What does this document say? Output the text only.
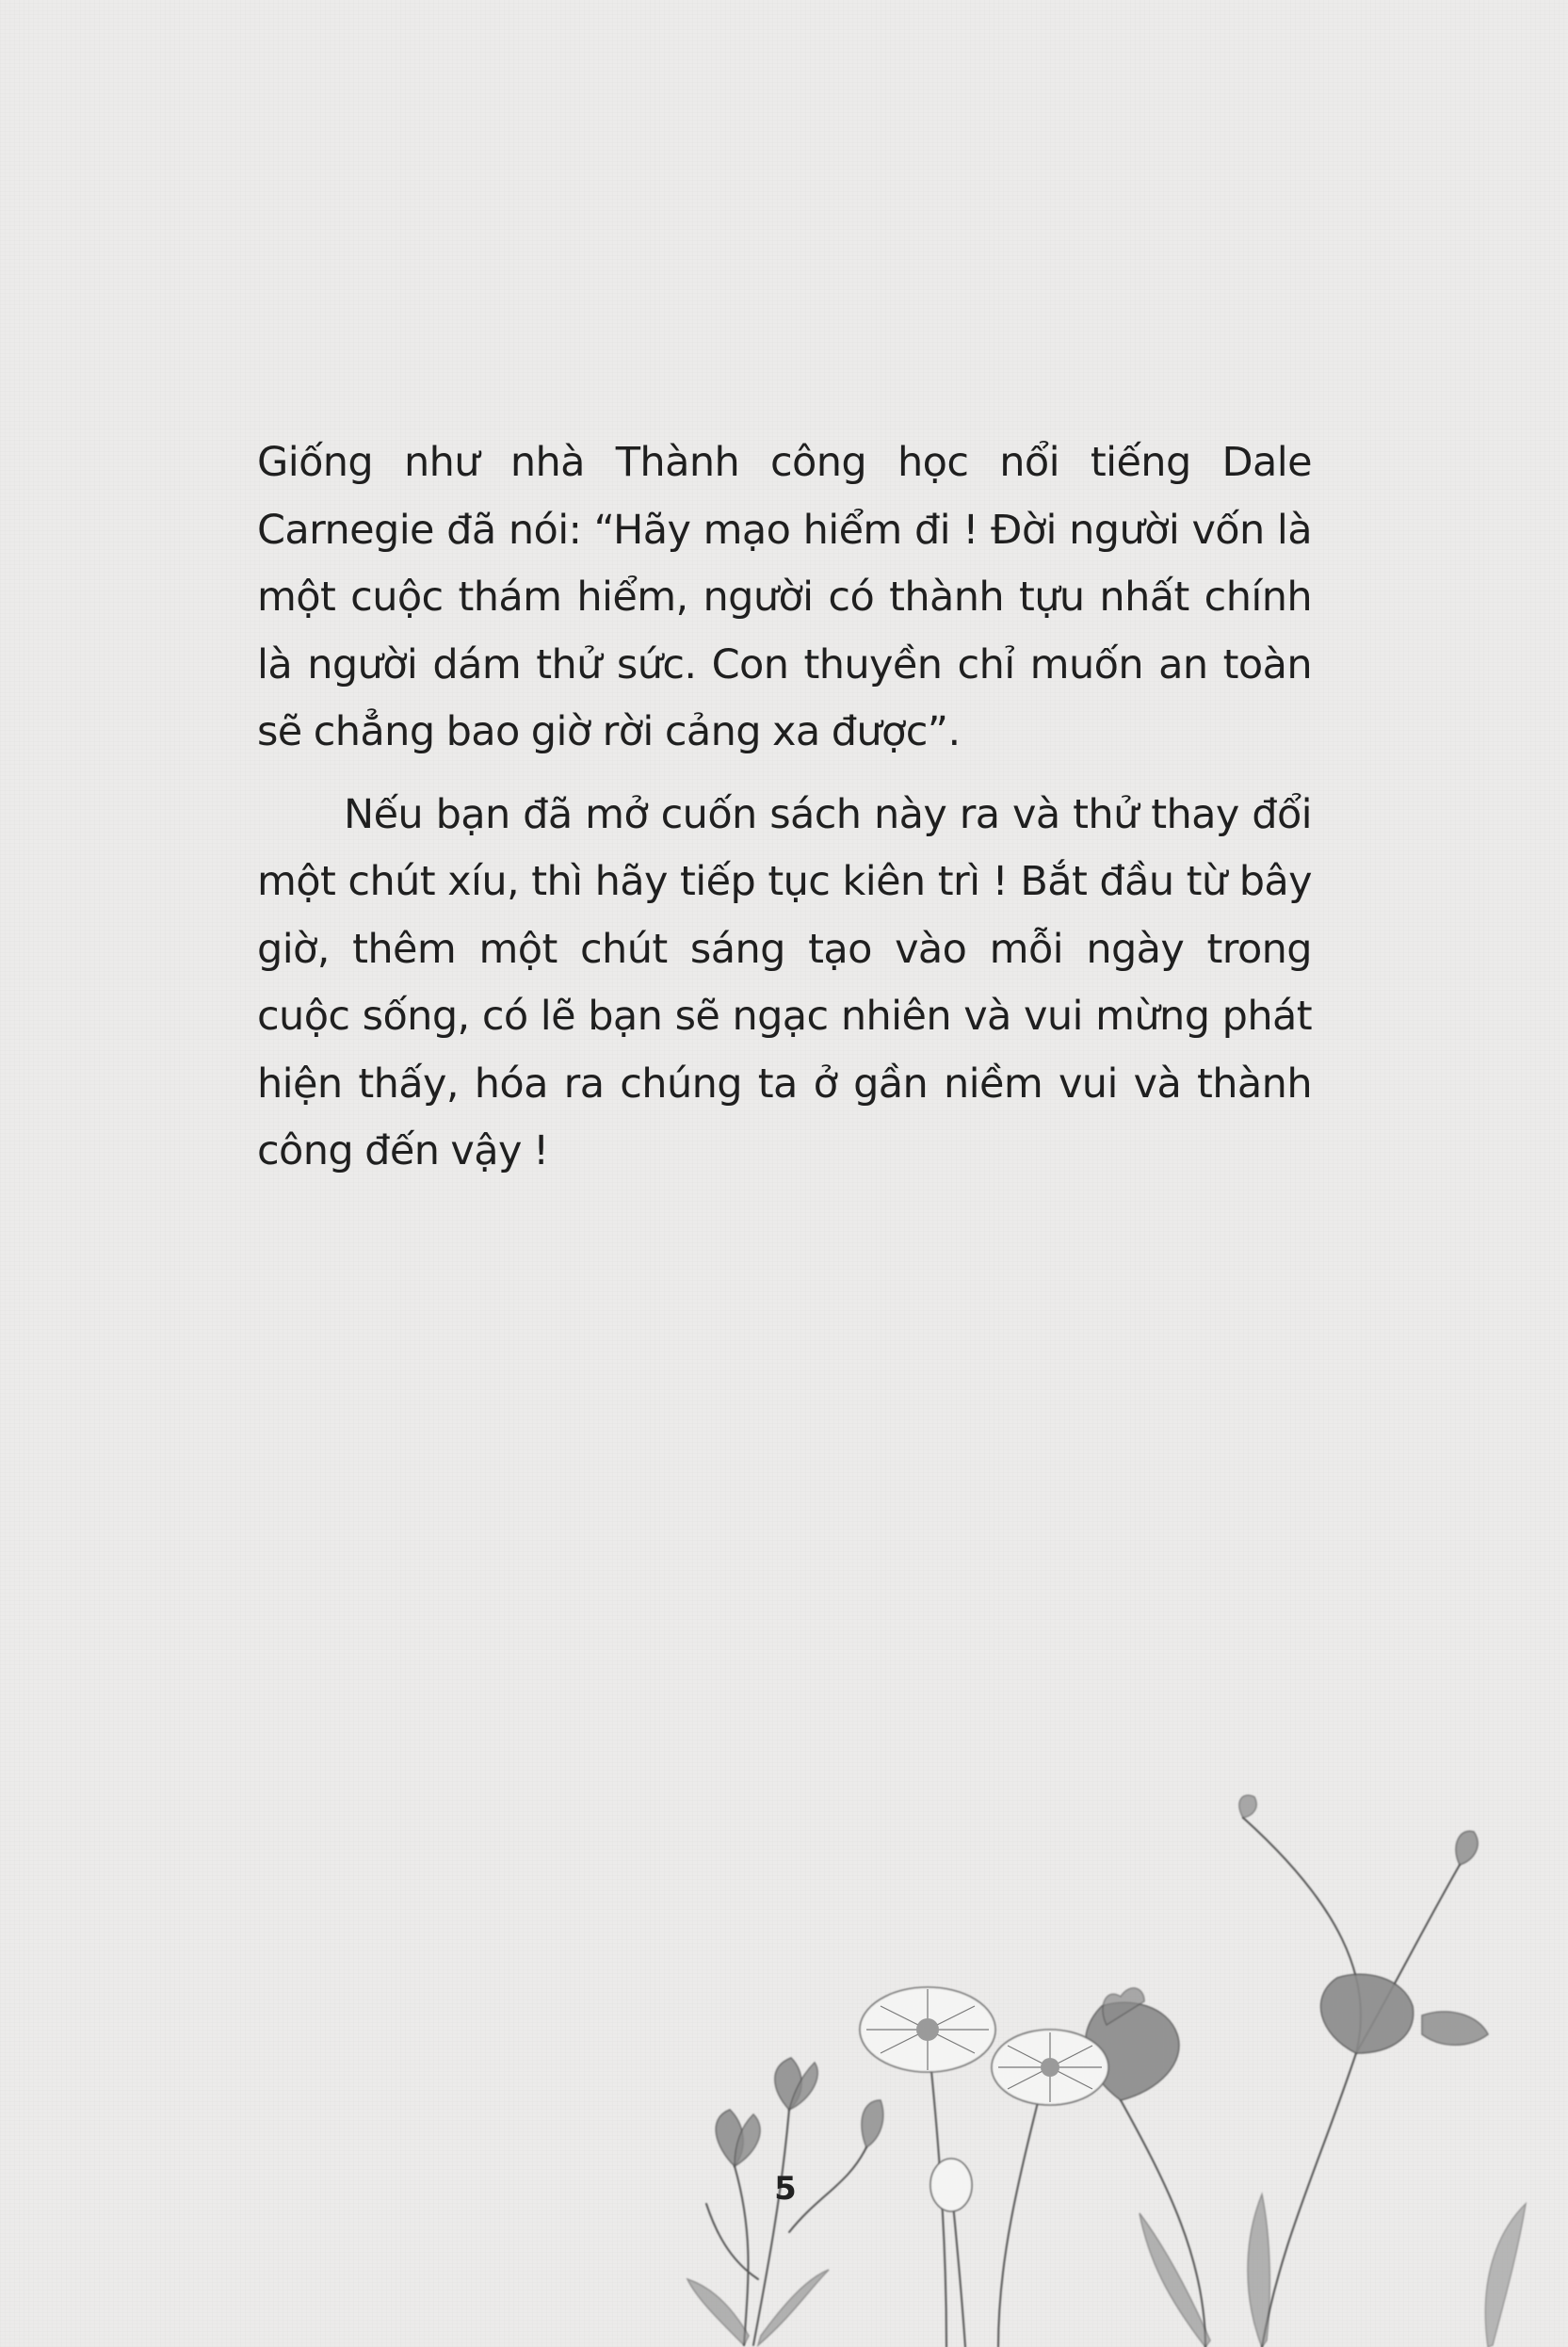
Giống như nhà Thành công học nổi tiếng Dale Carnegie đã nói: “Hãy mạo hiểm đi ! Đời người vốn là một cuộc thám hiểm, người có thành tựu nhất chính là người dám thử sức. Con thuyền chỉ muốn an toàn sẽ chẳng bao giờ rời cảng xa được”.

Nếu bạn đã mở cuốn sách này ra và thử thay đổi một chút xíu, thì hãy tiếp tục kiên trì ! Bắt đầu từ bây giờ, thêm một chút sáng tạo vào mỗi ngày trong cuộc sống, có lẽ bạn sẽ ngạc nhiên và vui mừng phát hiện thấy, hóa ra chúng ta ở gần niềm vui và thành công đến vậy !

5
